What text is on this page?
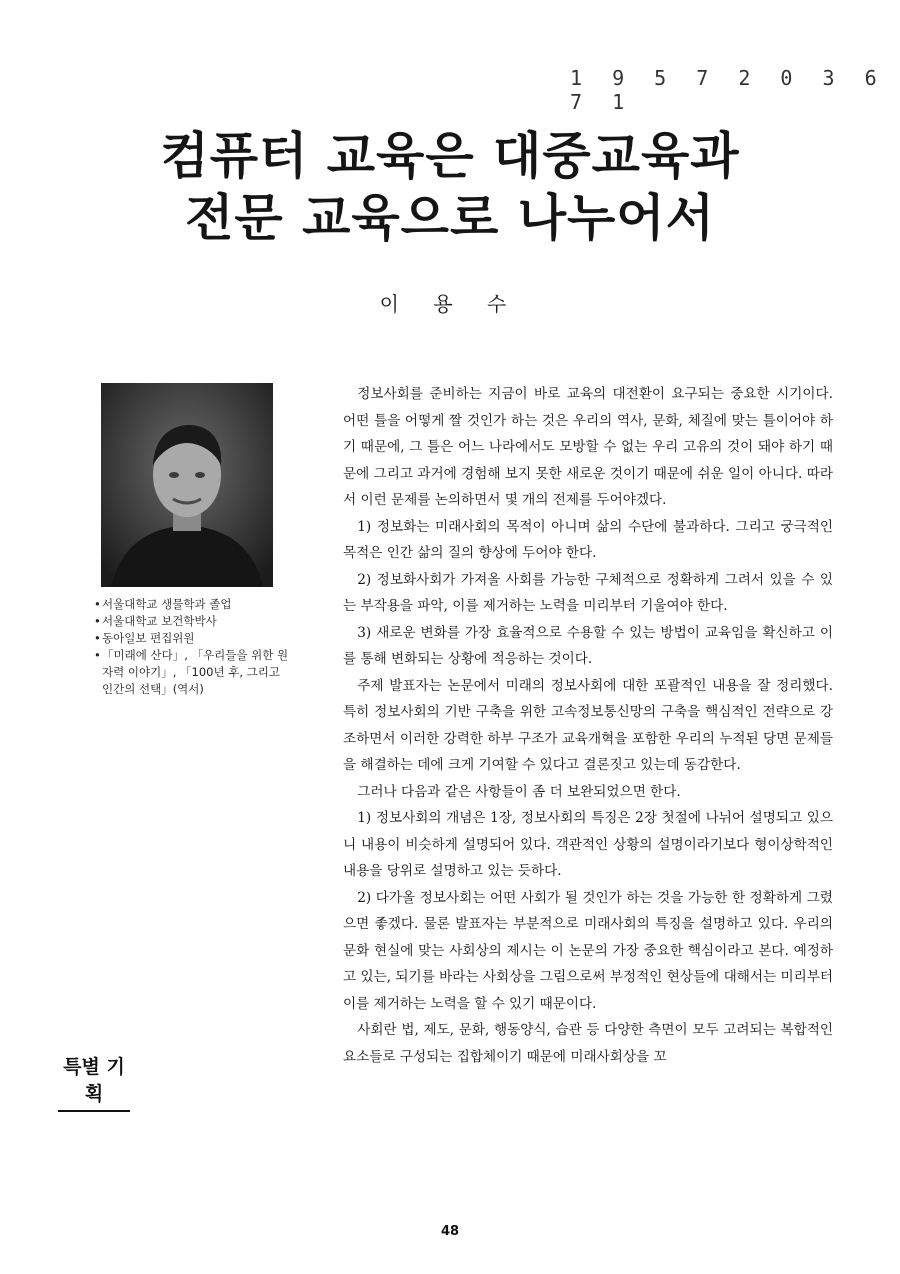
1 9 5 7 2 0 3 6 7 1
컴퓨터 교육은 대중교육과
전문 교육으로 나누어서
이 용 수
• 서울대학교 생물학과 졸업
• 서울대학교 보건학박사
• 동아일보 편집위원
• 「미래에 산다」, 「우리들을 위한 원자력 이야기」, 「100년 후, 그리고 인간의 선택」(역서)
특별 기획

정보사회를 준비하는 지금이 바로 교육의 대전환이 요구되는 중요한 시기이다. 어떤 틀을 어떻게 짤 것인가 하는 것은 우리의 역사, 문화, 체질에 맞는 틀이어야 하기 때문에, 그 틀은 어느 나라에서도 모방할 수 없는 우리 고유의 것이 돼야 하기 때문에 그리고 과거에 경험해 보지 못한 새로운 것이기 때문에 쉬운 일이 아니다. 따라서 이런 문제를 논의하면서 몇 개의 전제를 두어야겠다.

1) 정보화는 미래사회의 목적이 아니며 삶의 수단에 불과하다. 그리고 궁극적인 목적은 인간 삶의 질의 향상에 두어야 한다.

2) 정보화사회가 가져올 사회를 가능한 구체적으로 정확하게 그려서 있을 수 있는 부작용을 파악, 이를 제거하는 노력을 미리부터 기울여야 한다.

3) 새로운 변화를 가장 효율적으로 수용할 수 있는 방법이 교육임을 확신하고 이를 통해 변화되는 상황에 적응하는 것이다.

주제 발표자는 논문에서 미래의 정보사회에 대한 포괄적인 내용을 잘 정리했다. 특히 정보사회의 기반 구축을 위한 고속정보통신망의 구축을 핵심적인 전략으로 강조하면서 이러한 강력한 하부 구조가 교육개혁을 포함한 우리의 누적된 당면 문제들을 해결하는 데에 크게 기여할 수 있다고 결론짓고 있는데 동감한다.

그러나 다음과 같은 사항들이 좀 더 보완되었으면 한다.

1) 정보사회의 개념은 1장, 정보사회의 특징은 2장 첫절에 나뉘어 설명되고 있으니 내용이 비슷하게 설명되어 있다. 객관적인 상황의 설명이라기보다 형이상학적인 내용을 당위로 설명하고 있는 듯하다.

2) 다가올 정보사회는 어떤 사회가 될 것인가 하는 것을 가능한 한 정확하게 그렸으면 좋겠다. 물론 발표자는 부분적으로 미래사회의 특징을 설명하고 있다. 우리의 문화 현실에 맞는 사회상의 제시는 이 논문의 가장 중요한 핵심이라고 본다. 예정하고 있는, 되기를 바라는 사회상을 그림으로써 부정적인 현상들에 대해서는 미리부터 이를 제거하는 노력을 할 수 있기 때문이다.

사회란 법, 제도, 문화, 행동양식, 습관 등 다양한 측면이 모두 고려되는 복합적인 요소들로 구성되는 집합체이기 때문에 미래사회상을 꼬

48
